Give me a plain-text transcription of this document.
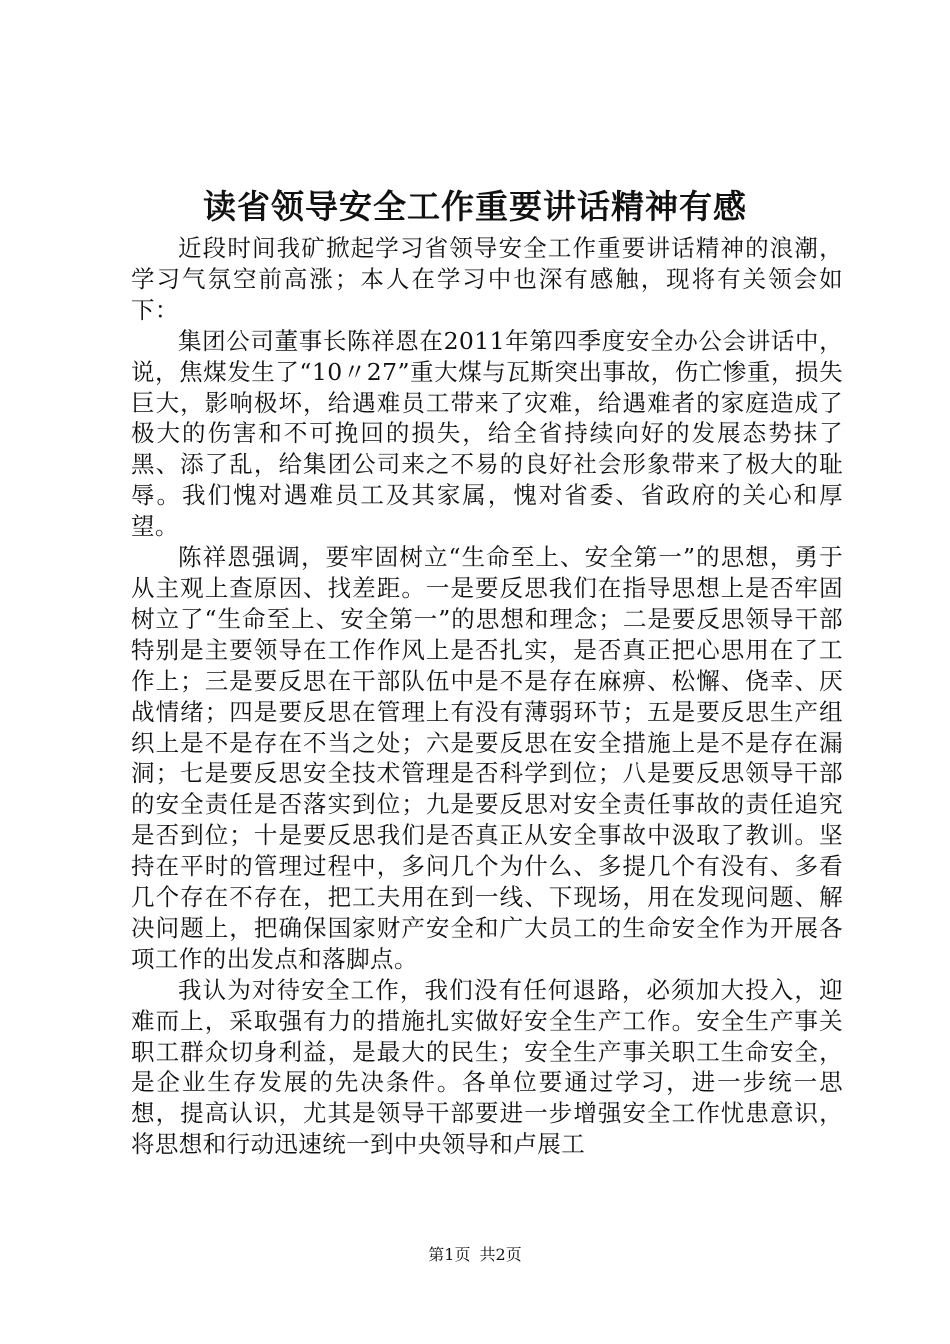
读省领导安全工作重要讲话精神有感

近段时间我矿掀起学习省领导安全工作重要讲话精神的浪潮，学习气氛空前高涨；本人在学习中也深有感触，现将有关领会如下：

集团公司董事长陈祥恩在2011年第四季度安全办公会讲话中，说，焦煤发生了“10〃27”重大煤与瓦斯突出事故，伤亡惨重，损失巨大，影响极坏，给遇难员工带来了灾难，给遇难者的家庭造成了极大的伤害和不可挽回的损失，给全省持续向好的发展态势抹了黑、添了乱，给集团公司来之不易的良好社会形象带来了极大的耻辱。我们愧对遇难员工及其家属，愧对省委、省政府的关心和厚望。

陈祥恩强调，要牢固树立“生命至上、安全第一”的思想，勇于从主观上查原因、找差距。一是要反思我们在指导思想上是否牢固树立了“生命至上、安全第一”的思想和理念；二是要反思领导干部特别是主要领导在工作作风上是否扎实，是否真正把心思用在了工作上；三是要反思在干部队伍中是不是存在麻痹、松懈、侥幸、厌战情绪；四是要反思在管理上有没有薄弱环节；五是要反思生产组织上是不是存在不当之处；六是要反思在安全措施上是不是存在漏洞；七是要反思安全技术管理是否科学到位；八是要反思领导干部的安全责任是否落实到位；九是要反思对安全责任事故的责任追究是否到位；十是要反思我们是否真正从安全事故中汲取了教训。坚持在平时的管理过程中，多问几个为什么、多提几个有没有、多看几个存在不存在，把工夫用在到一线、下现场，用在发现问题、解决问题上，把确保国家财产安全和广大员工的生命安全作为开展各项工作的出发点和落脚点。

我认为对待安全工作，我们没有任何退路，必须加大投入，迎难而上，采取强有力的措施扎实做好安全生产工作。安全生产事关职工群众切身利益，是最大的民生；安全生产事关职工生命安全，是企业生存发展的先决条件。各单位要通过学习，进一步统一思想，提高认识，尤其是领导干部要进一步增强安全工作忧患意识，将思想和行动迅速统一到中央领导和卢展工

第1页 共2页
